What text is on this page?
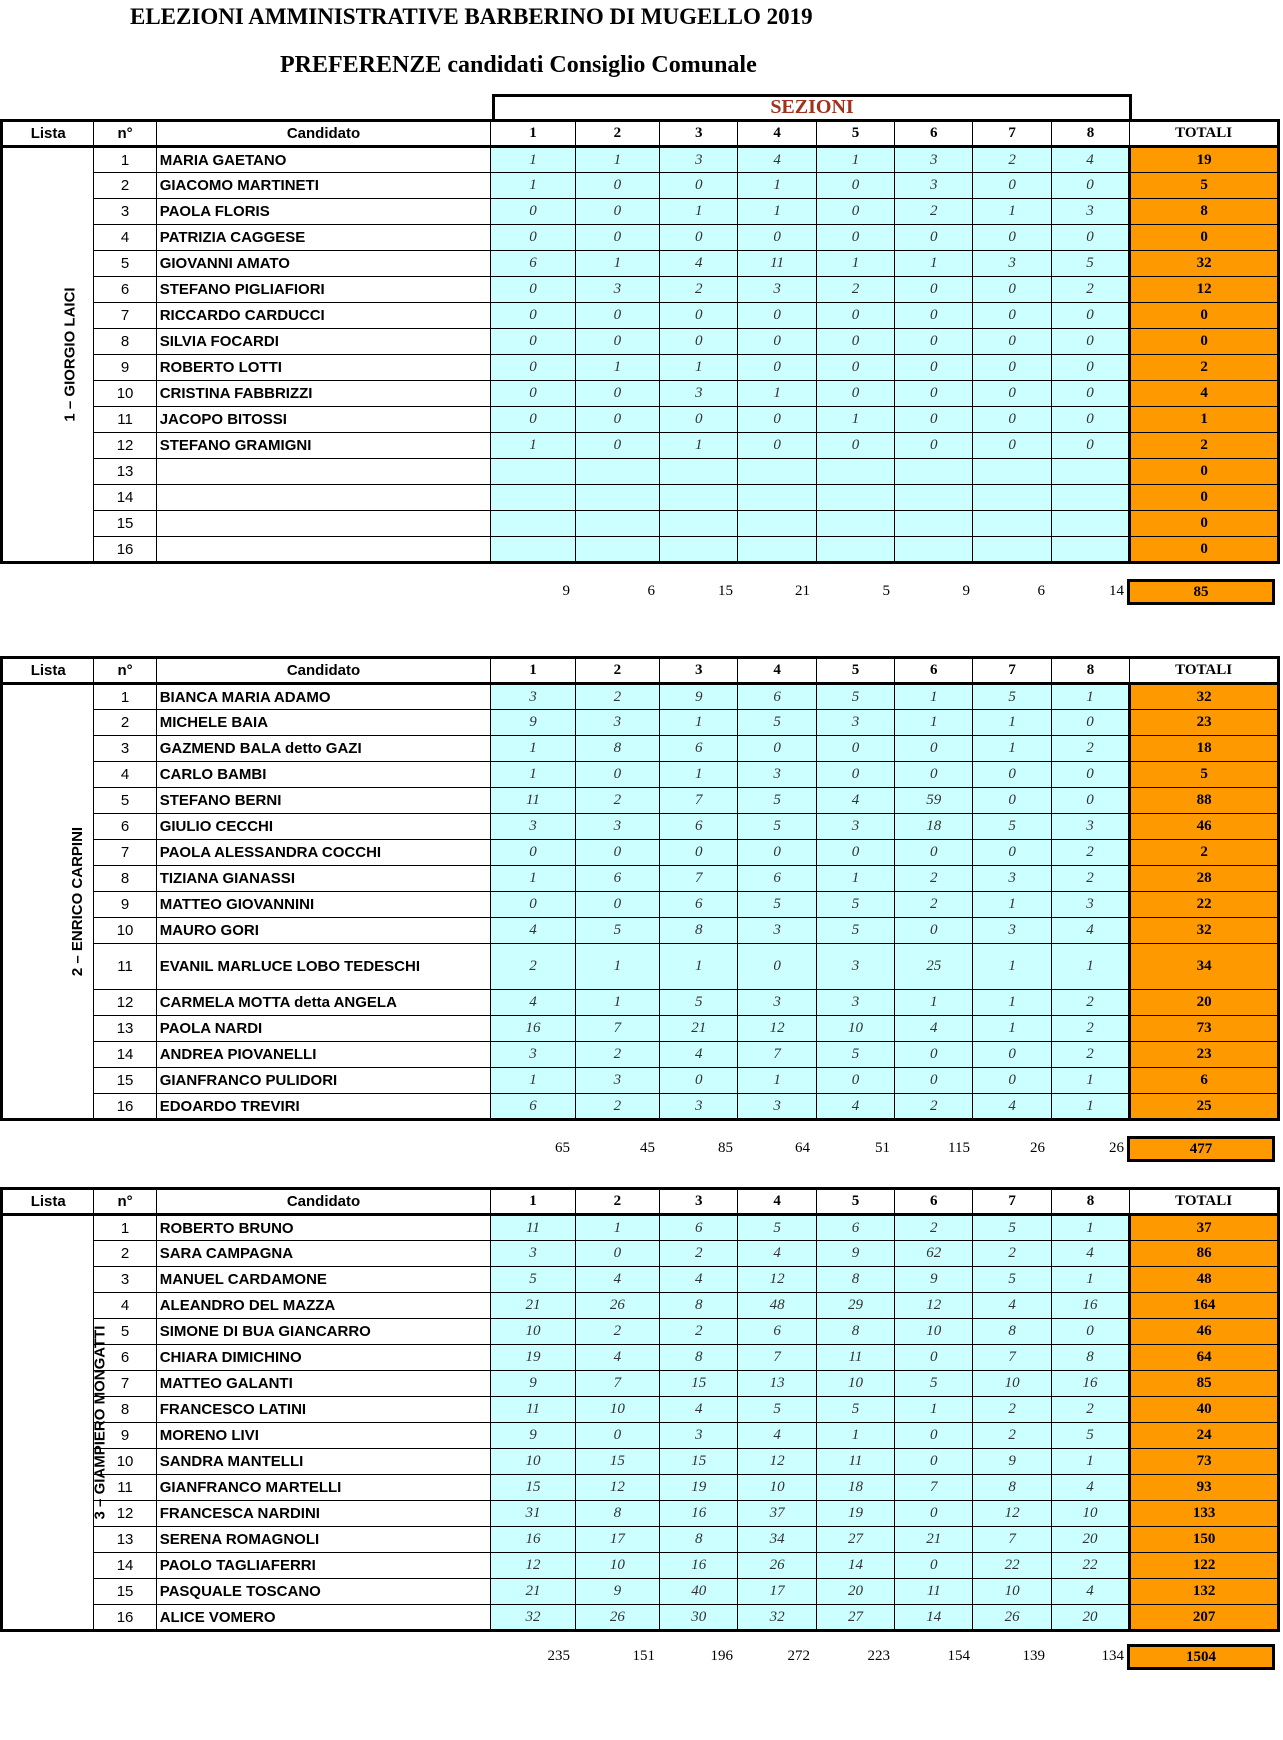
ELEZIONI AMMINISTRATIVE BARBERINO DI MUGELLO 2019
PREFERENZE candidati Consiglio Comunale
SEZIONI
Lista	n°	Candidato	1	2	3	4	5	6	7	8	TOTALI
1 – GIORGIO LAICI	1	MARIA GAETANO	1	1	3	4	1	3	2	4	19
	2	GIACOMO MARTINETI	1	0	0	1	0	3	0	0	5
	3	PAOLA FLORIS	0	0	1	1	0	2	1	3	8
	4	PATRIZIA CAGGESE	0	0	0	0	0	0	0	0	0
	5	GIOVANNI AMATO	6	1	4	11	1	1	3	5	32
	6	STEFANO PIGLIAFIORI	0	3	2	3	2	0	0	2	12
	7	RICCARDO CARDUCCI	0	0	0	0	0	0	0	0	0
	8	SILVIA FOCARDI	0	0	0	0	0	0	0	0	0
	9	ROBERTO LOTTI	0	1	1	0	0	0	0	0	2
	10	CRISTINA FABBRIZZI	0	0	3	1	0	0	0	0	4
	11	JACOPO BITOSSI	0	0	0	0	1	0	0	0	1
	12	STEFANO GRAMIGNI	1	0	1	0	0	0	0	0	2
	13										0
	14										0
	15										0
	16										0
9	6	15	21	5	9	6	14	85
Lista	n°	Candidato	1	2	3	4	5	6	7	8	TOTALI
2 – ENRICO CARPINI	1	BIANCA MARIA ADAMO	3	2	9	6	5	1	5	1	32
	2	MICHELE BAIA	9	3	1	5	3	1	1	0	23
	3	GAZMEND BALA detto GAZI	1	8	6	0	0	0	1	2	18
	4	CARLO BAMBI	1	0	1	3	0	0	0	0	5
	5	STEFANO BERNI	11	2	7	5	4	59	0	0	88
	6	GIULIO CECCHI	3	3	6	5	3	18	5	3	46
	7	PAOLA ALESSANDRA COCCHI	0	0	0	0	0	0	0	2	2
	8	TIZIANA GIANASSI	1	6	7	6	1	2	3	2	28
	9	MATTEO GIOVANNINI	0	0	6	5	5	2	1	3	22
	10	MAURO GORI	4	5	8	3	5	0	3	4	32
	11	EVANIL MARLUCE LOBO TEDESCHI	2	1	1	0	3	25	1	1	34
	12	CARMELA MOTTA detta ANGELA	4	1	5	3	3	1	1	2	20
	13	PAOLA NARDI	16	7	21	12	10	4	1	2	73
	14	ANDREA PIOVANELLI	3	2	4	7	5	0	0	2	23
	15	GIANFRANCO PULIDORI	1	3	0	1	0	0	0	1	6
	16	EDOARDO TREVIRI	6	2	3	3	4	2	4	1	25
65	45	85	64	51	115	26	26	477
Lista	n°	Candidato	1	2	3	4	5	6	7	8	TOTALI
3 – GIAMPIERO MONGATTI	1	ROBERTO BRUNO	11	1	6	5	6	2	5	1	37
	2	SARA CAMPAGNA	3	0	2	4	9	62	2	4	86
	3	MANUEL CARDAMONE	5	4	4	12	8	9	5	1	48
	4	ALEANDRO DEL MAZZA	21	26	8	48	29	12	4	16	164
	5	SIMONE DI BUA GIANCARRO	10	2	2	6	8	10	8	0	46
	6	CHIARA DIMICHINO	19	4	8	7	11	0	7	8	64
	7	MATTEO GALANTI	9	7	15	13	10	5	10	16	85
	8	FRANCESCO LATINI	11	10	4	5	5	1	2	2	40
	9	MORENO LIVI	9	0	3	4	1	0	2	5	24
	10	SANDRA MANTELLI	10	15	15	12	11	0	9	1	73
	11	GIANFRANCO MARTELLI	15	12	19	10	18	7	8	4	93
	12	FRANCESCA NARDINI	31	8	16	37	19	0	12	10	133
	13	SERENA ROMAGNOLI	16	17	8	34	27	21	7	20	150
	14	PAOLO TAGLIAFERRI	12	10	16	26	14	0	22	22	122
	15	PASQUALE TOSCANO	21	9	40	17	20	11	10	4	132
	16	ALICE VOMERO	32	26	30	32	27	14	26	20	207
235	151	196	272	223	154	139	134	1504
